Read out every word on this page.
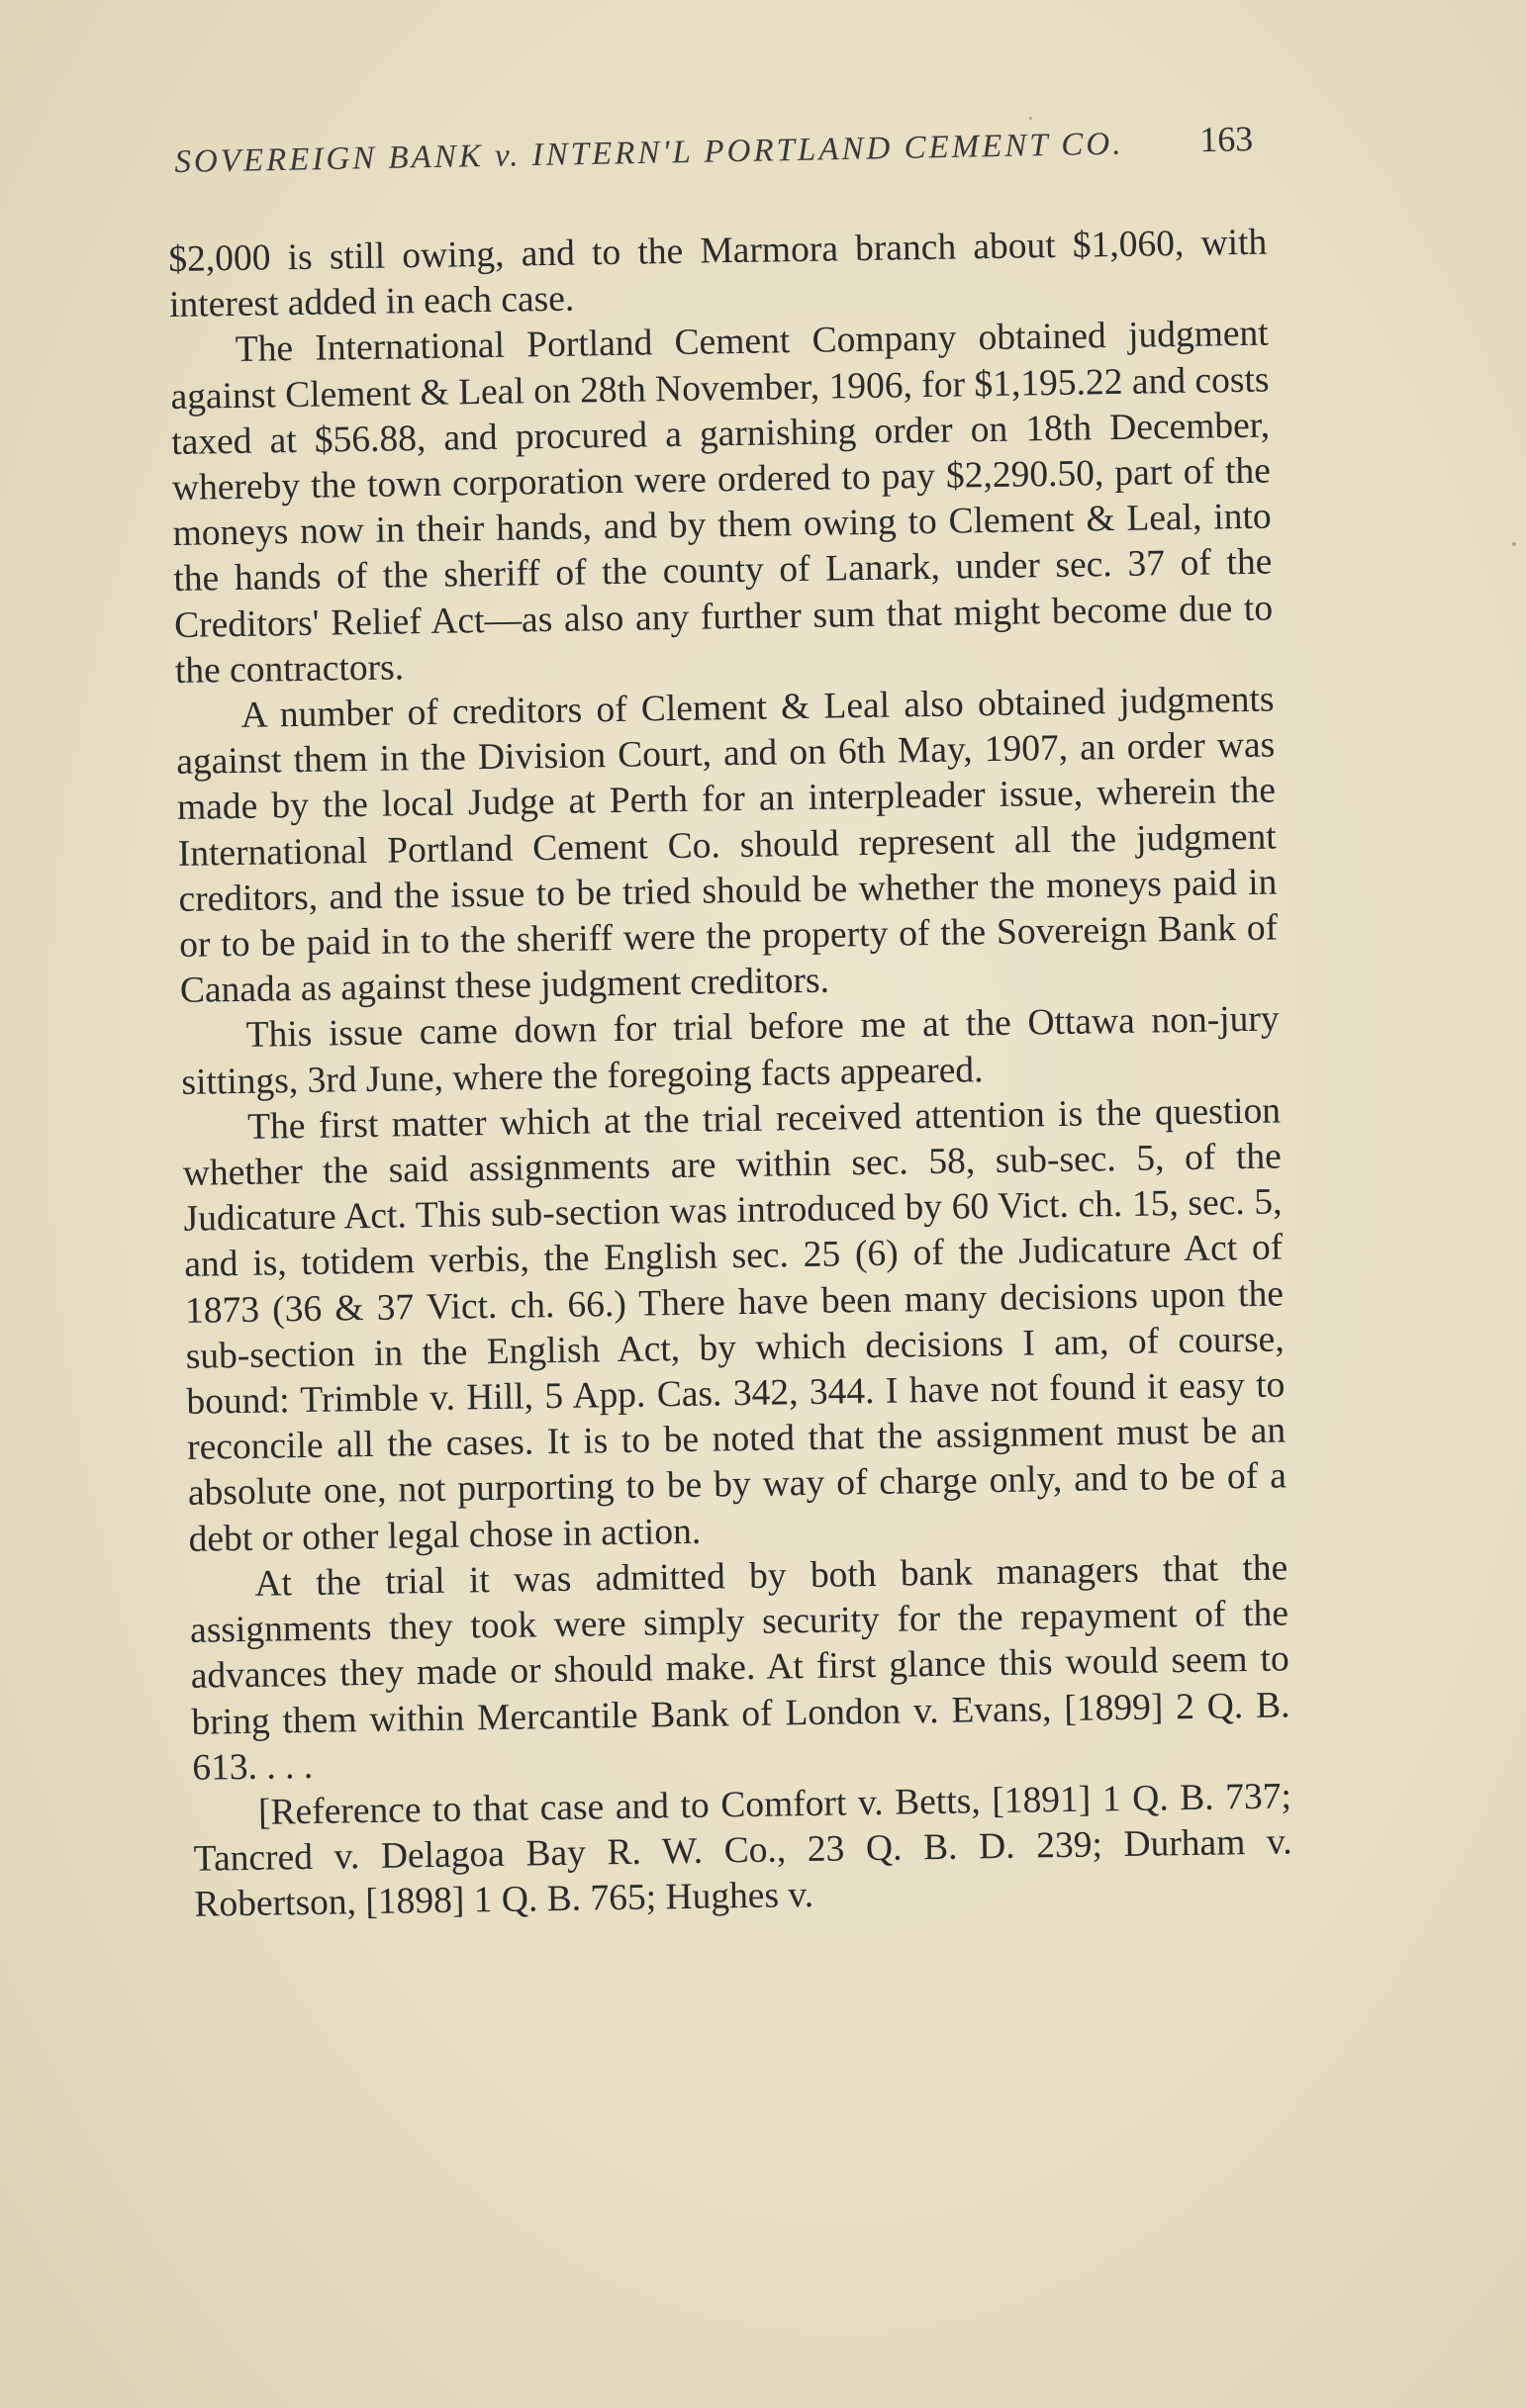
SOVEREIGN BANK v. INTERN'L PORTLAND CEMENT CO. 163

$2,000 is still owing, and to the Marmora branch about $1,060, with interest added in each case.

The International Portland Cement Company obtained judgment against Clement & Leal on 28th November, 1906, for $1,195.22 and costs taxed at $56.88, and procured a garnishing order on 18th December, whereby the town corporation were ordered to pay $2,290.50, part of the moneys now in their hands, and by them owing to Clement & Leal, into the hands of the sheriff of the county of Lanark, under sec. 37 of the Creditors' Relief Act—as also any further sum that might become due to the contractors.

A number of creditors of Clement & Leal also obtained judgments against them in the Division Court, and on 6th May, 1907, an order was made by the local Judge at Perth for an interpleader issue, wherein the International Portland Cement Co. should represent all the judgment creditors, and the issue to be tried should be whether the moneys paid in or to be paid in to the sheriff were the property of the Sovereign Bank of Canada as against these judgment creditors.

This issue came down for trial before me at the Ottawa non-jury sittings, 3rd June, where the foregoing facts appeared.

The first matter which at the trial received attention is the question whether the said assignments are within sec. 58, sub-sec. 5, of the Judicature Act. This sub-section was introduced by 60 Vict. ch. 15, sec. 5, and is, totidem verbis, the English sec. 25 (6) of the Judicature Act of 1873 (36 & 37 Vict. ch. 66.) There have been many decisions upon the sub-section in the English Act, by which decisions I am, of course, bound: Trimble v. Hill, 5 App. Cas. 342, 344. I have not found it easy to reconcile all the cases. It is to be noted that the assignment must be an absolute one, not purporting to be by way of charge only, and to be of a debt or other legal chose in action.

At the trial it was admitted by both bank managers that the assignments they took were simply security for the repayment of the advances they made or should make. At first glance this would seem to bring them within Mercantile Bank of London v. Evans, [1899] 2 Q. B. 613. . . .

[Reference to that case and to Comfort v. Betts, [1891] 1 Q. B. 737; Tancred v. Delagoa Bay R. W. Co., 23 Q. B. D. 239; Durham v. Robertson, [1898] 1 Q. B. 765; Hughes v.
